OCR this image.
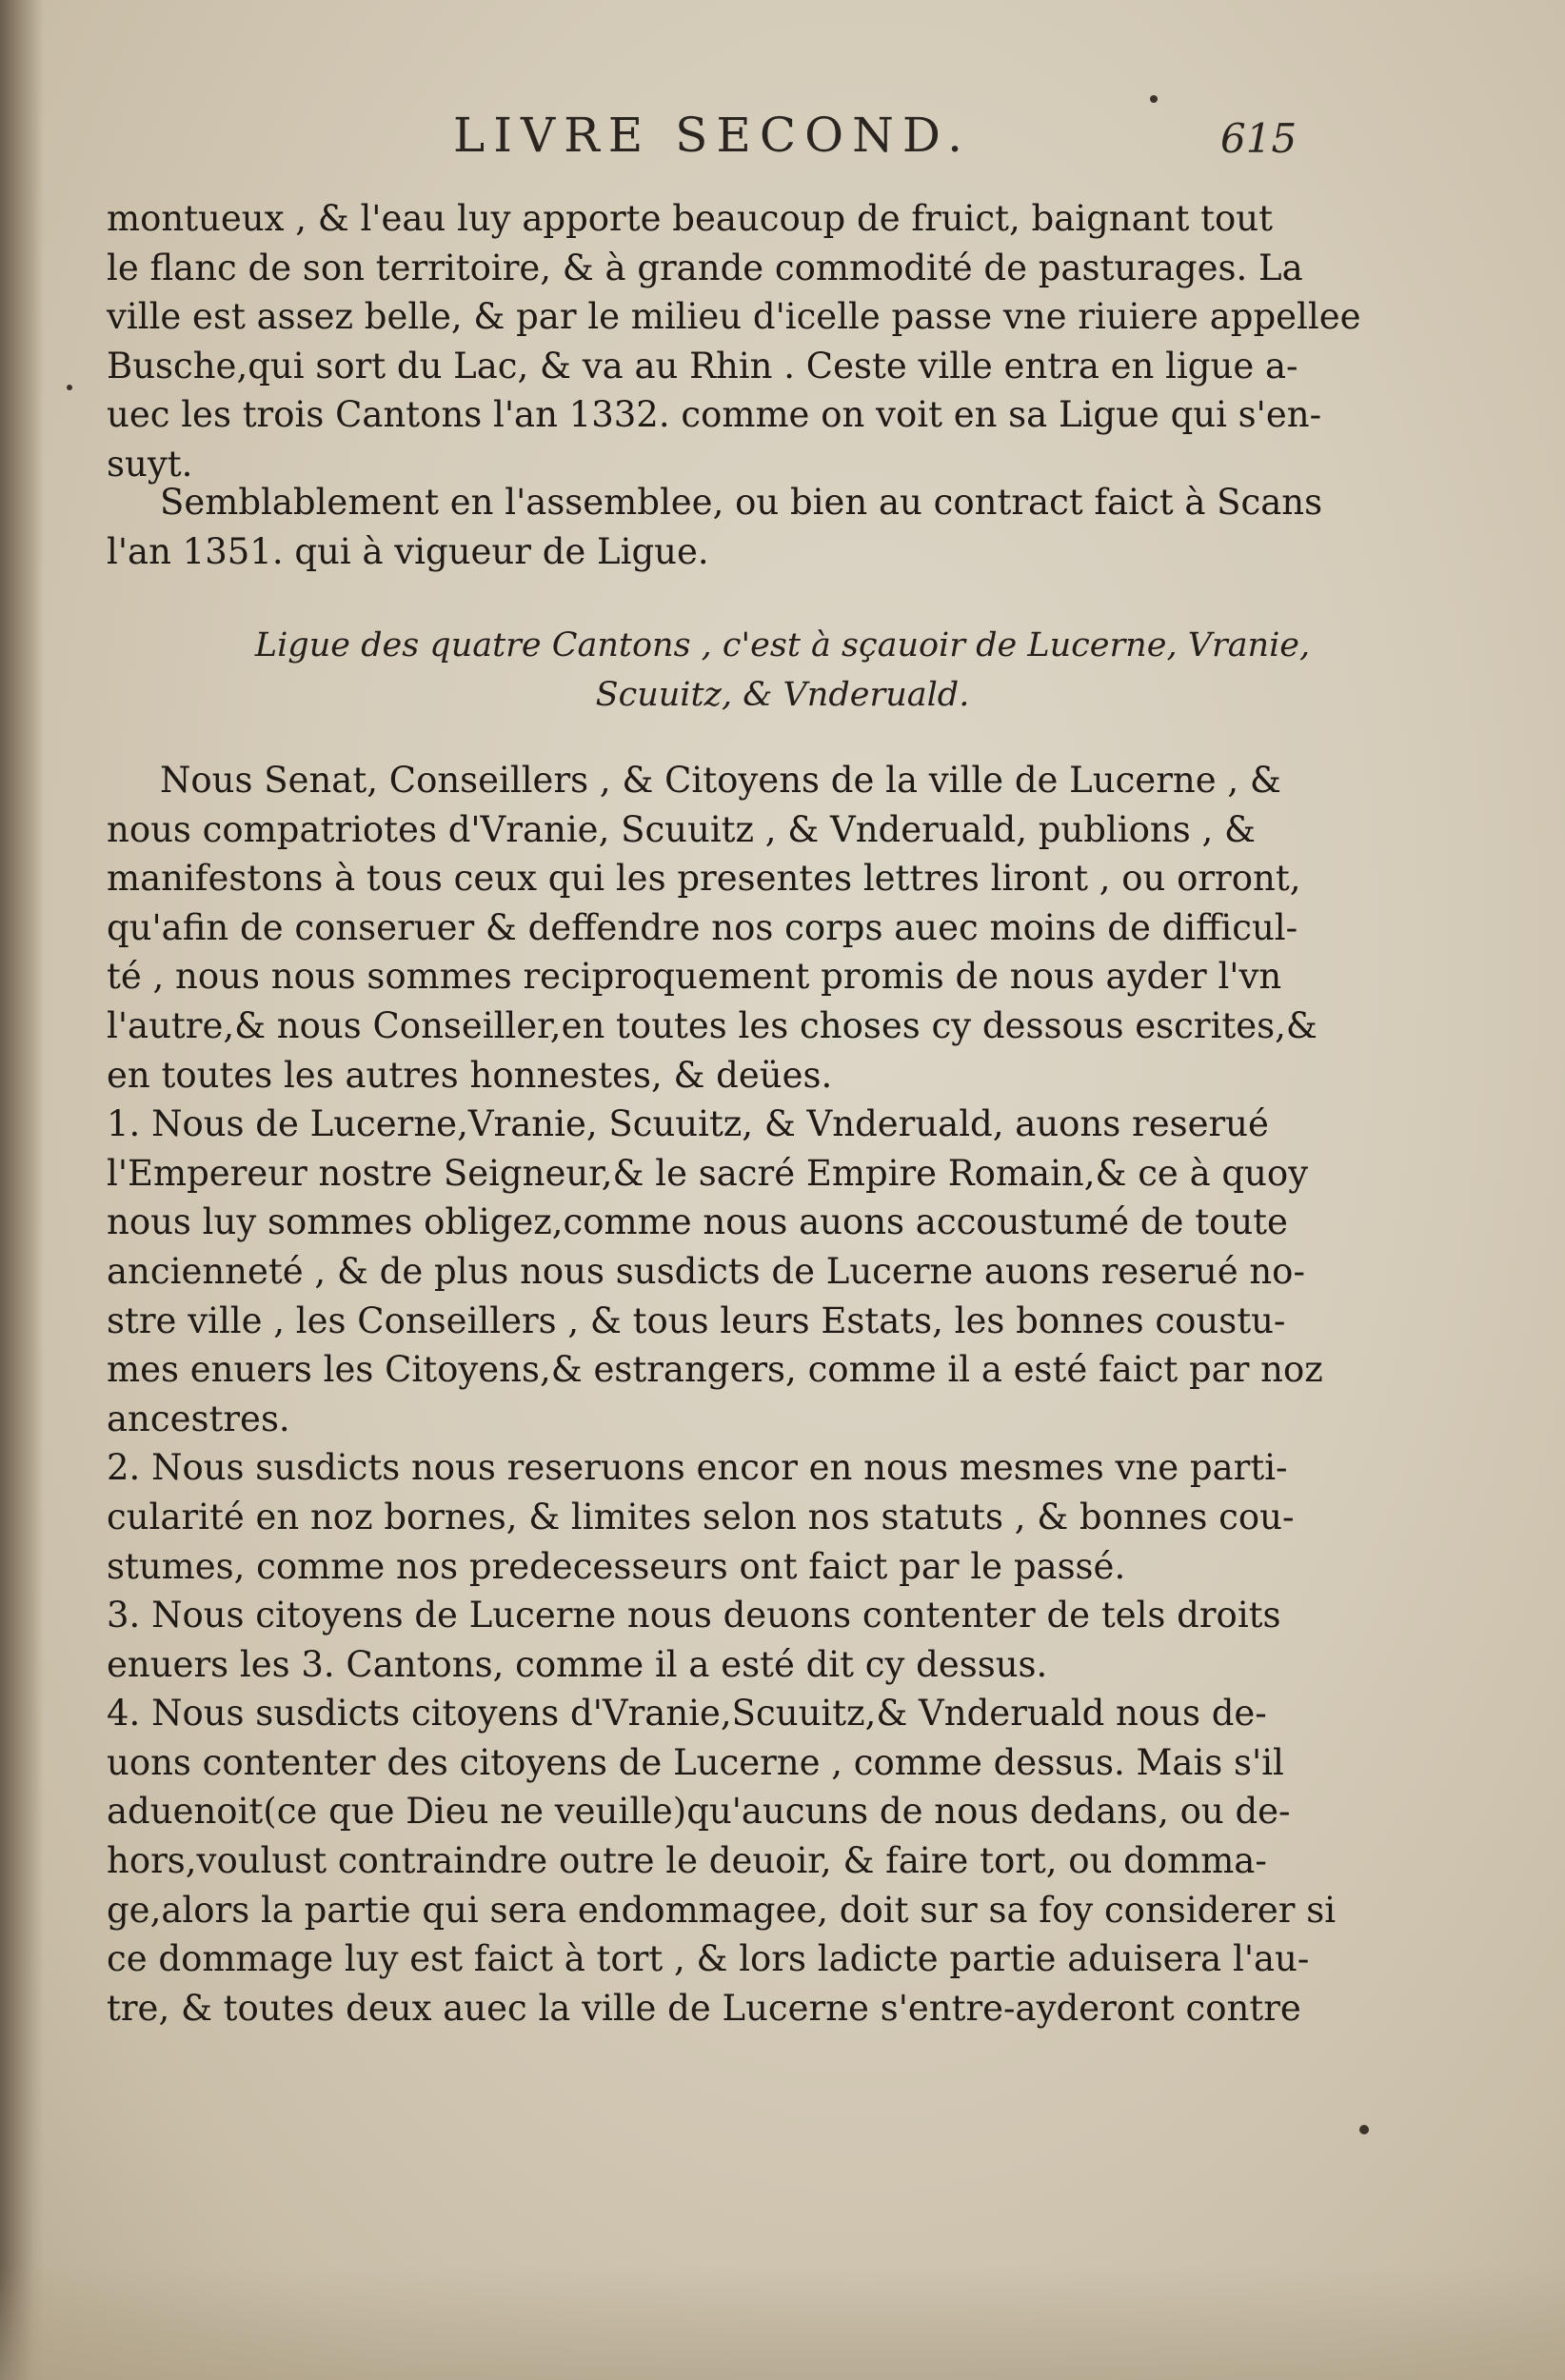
LIVRE SECOND.	615
montueux , & l'eau luy apporte beaucoup de fruict, baignant tout
le flanc de son territoire, & à grande commodité de pasturages. La
ville est assez belle, & par le milieu d'icelle passe vne riuiere appellee
Busche,qui sort du Lac, & va au Rhin . Ceste ville entra en ligue a-
uec les trois Cantons l'an 1332. comme on voit en sa Ligue qui s'en-
suyt.
Semblablement en l'assemblee, ou bien au contract faict à Scans
l'an 1351. qui à vigueur de Ligue.
Ligue des quatre Cantons , c'est à sçauoir de Lucerne, Vranie,
Scuuitz, & Vnderuald.
Nous Senat, Conseillers , & Citoyens de la ville de Lucerne , &
nous compatriotes d'Vranie, Scuuitz , & Vnderuald, publions , &
manifestons à tous ceux qui les presentes lettres liront , ou orront,
qu'afin de conseruer & deffendre nos corps auec moins de difficul-
té , nous nous sommes reciproquement promis de nous ayder l'vn
l'autre,& nous Conseiller,en toutes les choses cy dessous escrites,&
en toutes les autres honnestes, & deües.
1. Nous de Lucerne,Vranie, Scuuitz, & Vnderuald, auons reserué
l'Empereur nostre Seigneur,& le sacré Empire Romain,& ce à quoy
nous luy sommes obligez,comme nous auons accoustumé de toute
ancienneté , & de plus nous susdicts de Lucerne auons reserué no-
stre ville , les Conseillers , & tous leurs Estats, les bonnes coustu-
mes enuers les Citoyens,& estrangers, comme il a esté faict par noz
ancestres.
2. Nous susdicts nous reseruons encor en nous mesmes vne parti-
cularité en noz bornes, & limites selon nos statuts , & bonnes cou-
stumes, comme nos predecesseurs ont faict par le passé.
3. Nous citoyens de Lucerne nous deuons contenter de tels droits
enuers les 3. Cantons, comme il a esté dit cy dessus.
4. Nous susdicts citoyens d'Vranie,Scuuitz,& Vnderuald nous de-
uons contenter des citoyens de Lucerne , comme dessus. Mais s'il
aduenoit(ce que Dieu ne veuille)qu'aucuns de nous dedans, ou de-
hors,voulust contraindre outre le deuoir, & faire tort, ou domma-
ge,alors la partie qui sera endommagee, doit sur sa foy considerer si
ce dommage luy est faict à tort , & lors ladicte partie aduisera l'au-
tre, & toutes deux auec la ville de Lucerne s'entre-ayderont contre
